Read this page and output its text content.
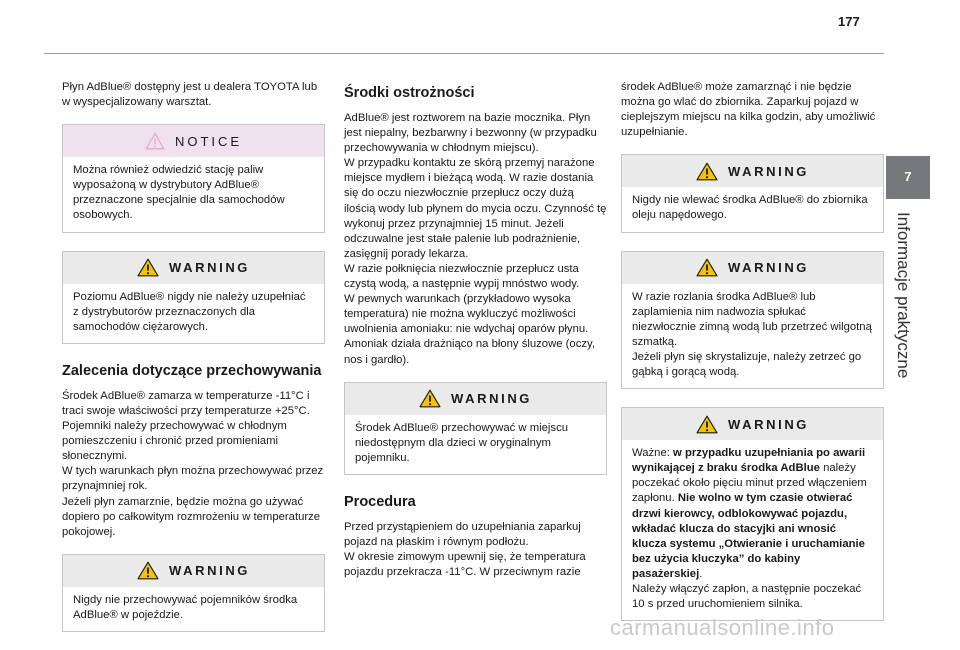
177
7
Informacje praktyczne

Płyn AdBlue® dostępny jest u dealera TOYOTA lub w wyspecjalizowany warsztat.

NOTICE

Można również odwiedzić stację paliw wyposażoną w dystrybutory AdBlue® przeznaczone specjalnie dla samochodów osobowych.

WARNING

Poziomu AdBlue® nigdy nie należy uzupełniać z dystrybutorów przeznaczonych dla samochodów ciężarowych.

Zalecenia dotyczące przechowywania

Środek AdBlue® zamarza w temperaturze -11°C i traci swoje właściwości przy temperaturze +25°C. Pojemniki należy przechowywać w chłodnym pomieszczeniu i chronić przed promieniami słonecznymi.

W tych warunkach płyn można przechowywać przez przynajmniej rok.

Jeżeli płyn zamarznie, będzie można go używać dopiero po całkowitym rozmrożeniu w temperaturze pokojowej.

WARNING

Nigdy nie przechowywać pojemników środka AdBlue® w pojeździe.

Środki ostrożności

AdBlue® jest roztworem na bazie mocznika. Płyn jest niepalny, bezbarwny i bezwonny (w przypadku przechowywania w chłodnym miejscu).

W przypadku kontaktu ze skórą przemyj narażone miejsce mydłem i bieżącą wodą. W razie dostania się do oczu niezwłocznie przepłucz oczy dużą ilością wody lub płynem do mycia oczu. Czynność tę wykonuj przez przynajmniej 15 minut. Jeżeli odczuwalne jest stałe palenie lub podrażnienie, zasięgnij porady lekarza.

W razie połknięcia niezwłocznie przepłucz usta czystą wodą, a następnie wypij mnóstwo wody.

W pewnych warunkach (przykładowo wysoka temperatura) nie można wykluczyć możliwości uwolnienia amoniaku: nie wdychaj oparów płynu. Amoniak działa drażniąco na błony śluzowe (oczy, nos i gardło).

WARNING

Środek AdBlue® przechowywać w miejscu niedostępnym dla dzieci w oryginalnym pojemniku.

Procedura

Przed przystąpieniem do uzupełniania zaparkuj pojazd na płaskim i równym podłożu.

W okresie zimowym upewnij się, że temperatura pojazdu przekracza -11°C. W przeciwnym razie

środek AdBlue® może zamarznąć i nie będzie można go wlać do zbiornika. Zaparkuj pojazd w cieplejszym miejscu na kilka godzin, aby umożliwić uzupełnianie.

WARNING

Nigdy nie wlewać środka AdBlue® do zbiornika oleju napędowego.

WARNING

W razie rozlania środka AdBlue® lub zaplamienia nim nadwozia spłukać niezwłocznie zimną wodą lub przetrzeć wilgotną szmatką.

Jeżeli płyn się skrystalizuje, należy zetrzeć go gąbką i gorącą wodą.

WARNING

Ważne: w przypadku uzupełniania po awarii wynikającej z braku środka AdBlue należy poczekać około pięciu minut przed włączeniem zapłonu. Nie wolno w tym czasie otwierać drzwi kierowcy, odblokowywać pojazdu, wkładać klucza do stacyjki ani wnosić klucza systemu „Otwieranie i uruchamianie bez użycia kluczyka” do kabiny pasażerskiej.

Należy włączyć zapłon, a następnie poczekać 10 s przed uruchomieniem silnika.

carmanualsonline.info
